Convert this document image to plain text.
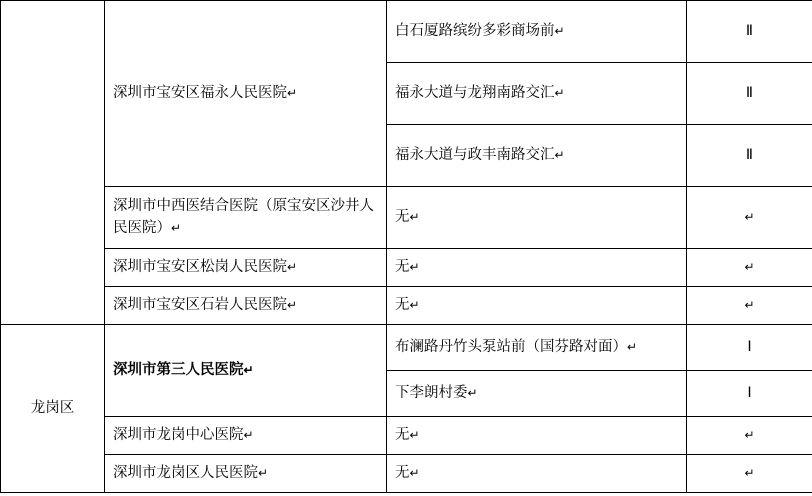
	深圳市宝安区福永人民医院↵	白石厦路缤纷多彩商场前↵	Ⅱ
		福永大道与龙翔南路交汇↵	Ⅱ
		福永大道与政丰南路交汇↵	Ⅱ
	深圳市中西医结合医院（原宝安区沙井人民医院）↵	无↵	↵
	深圳市宝安区松岗人民医院↵	无↵	↵
	深圳市宝安区石岩人民医院↵	无↵	↵
龙岗区	深圳市第三人民医院↵	布澜路丹竹头泵站前（国芬路对面）↵	Ⅰ
		下李朗村委↵	Ⅰ
	深圳市龙岗中心医院↵	无↵	↵
	深圳市龙岗区人民医院↵	无↵	↵
